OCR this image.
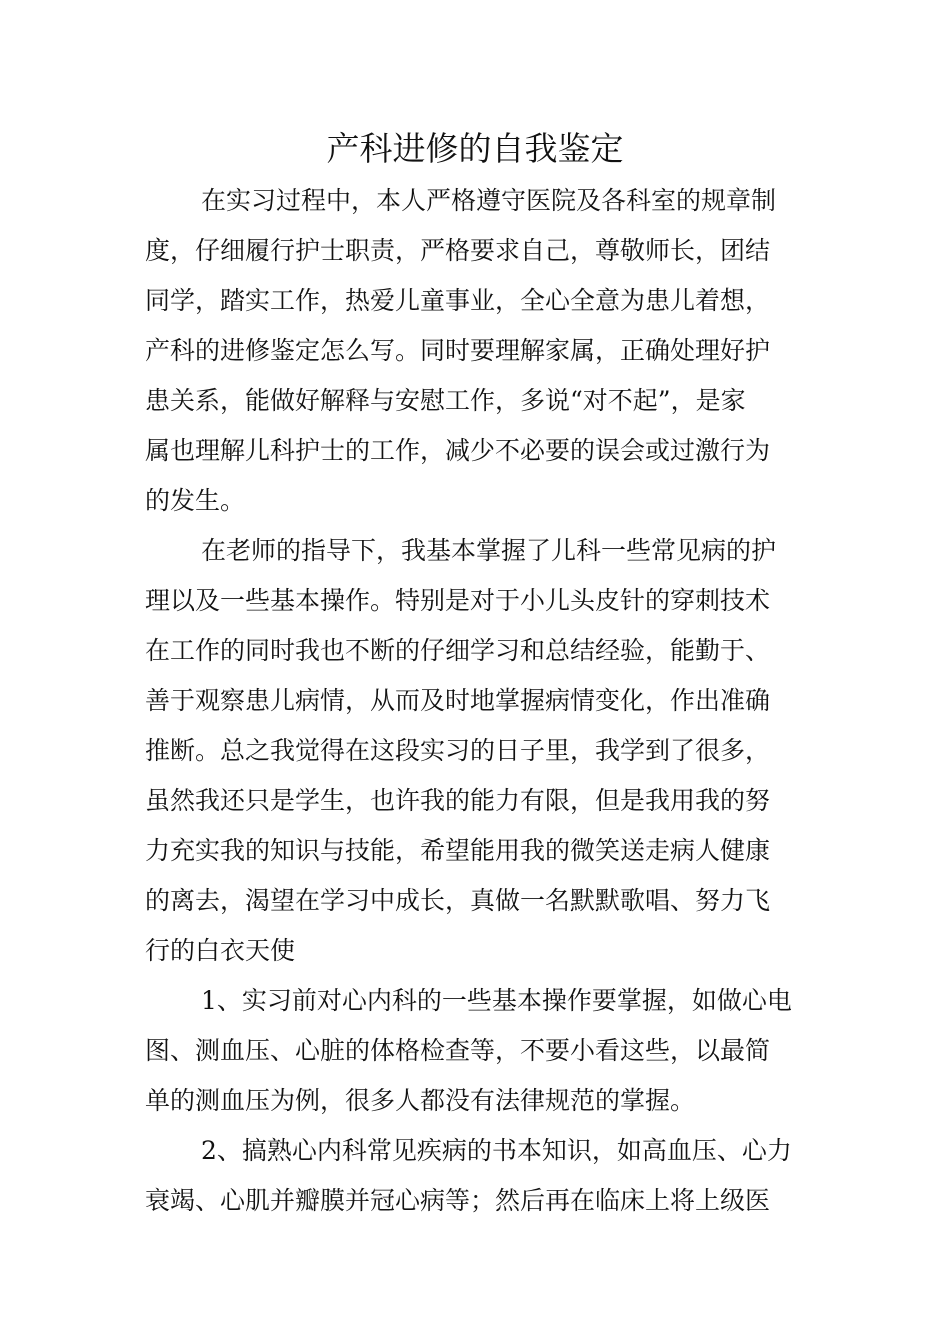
产科进修的自我鉴定
在实习过程中，本人严格遵守医院及各科室的规章制
度，仔细履行护士职责，严格要求自己，尊敬师长，团结
同学，踏实工作，热爱儿童事业，全心全意为患儿着想，
产科的进修鉴定怎么写。同时要理解家属，正确处理好护
患关系，能做好解释与安慰工作，多说“对不起”，是家
属也理解儿科护士的工作，减少不必要的误会或过激行为
的发生。
在老师的指导下，我基本掌握了儿科一些常见病的护
理以及一些基本操作。特别是对于小儿头皮针的穿刺技术
在工作的同时我也不断的仔细学习和总结经验，能勤于、
善于观察患儿病情，从而及时地掌握病情变化，作出准确
推断。总之我觉得在这段实习的日子里，我学到了很多，
虽然我还只是学生，也许我的能力有限，但是我用我的努
力充实我的知识与技能，希望能用我的微笑送走病人健康
的离去，渴望在学习中成长，真做一名默默歌唱、努力飞
行的白衣天使
1、实习前对心内科的一些基本操作要掌握，如做心电
图、测血压、心脏的体格检查等，不要小看这些，以最简
单的测血压为例，很多人都没有法律规范的掌握。
2、搞熟心内科常见疾病的书本知识，如高血压、心力
衰竭、心肌并瓣膜并冠心病等；然后再在临床上将上级医
